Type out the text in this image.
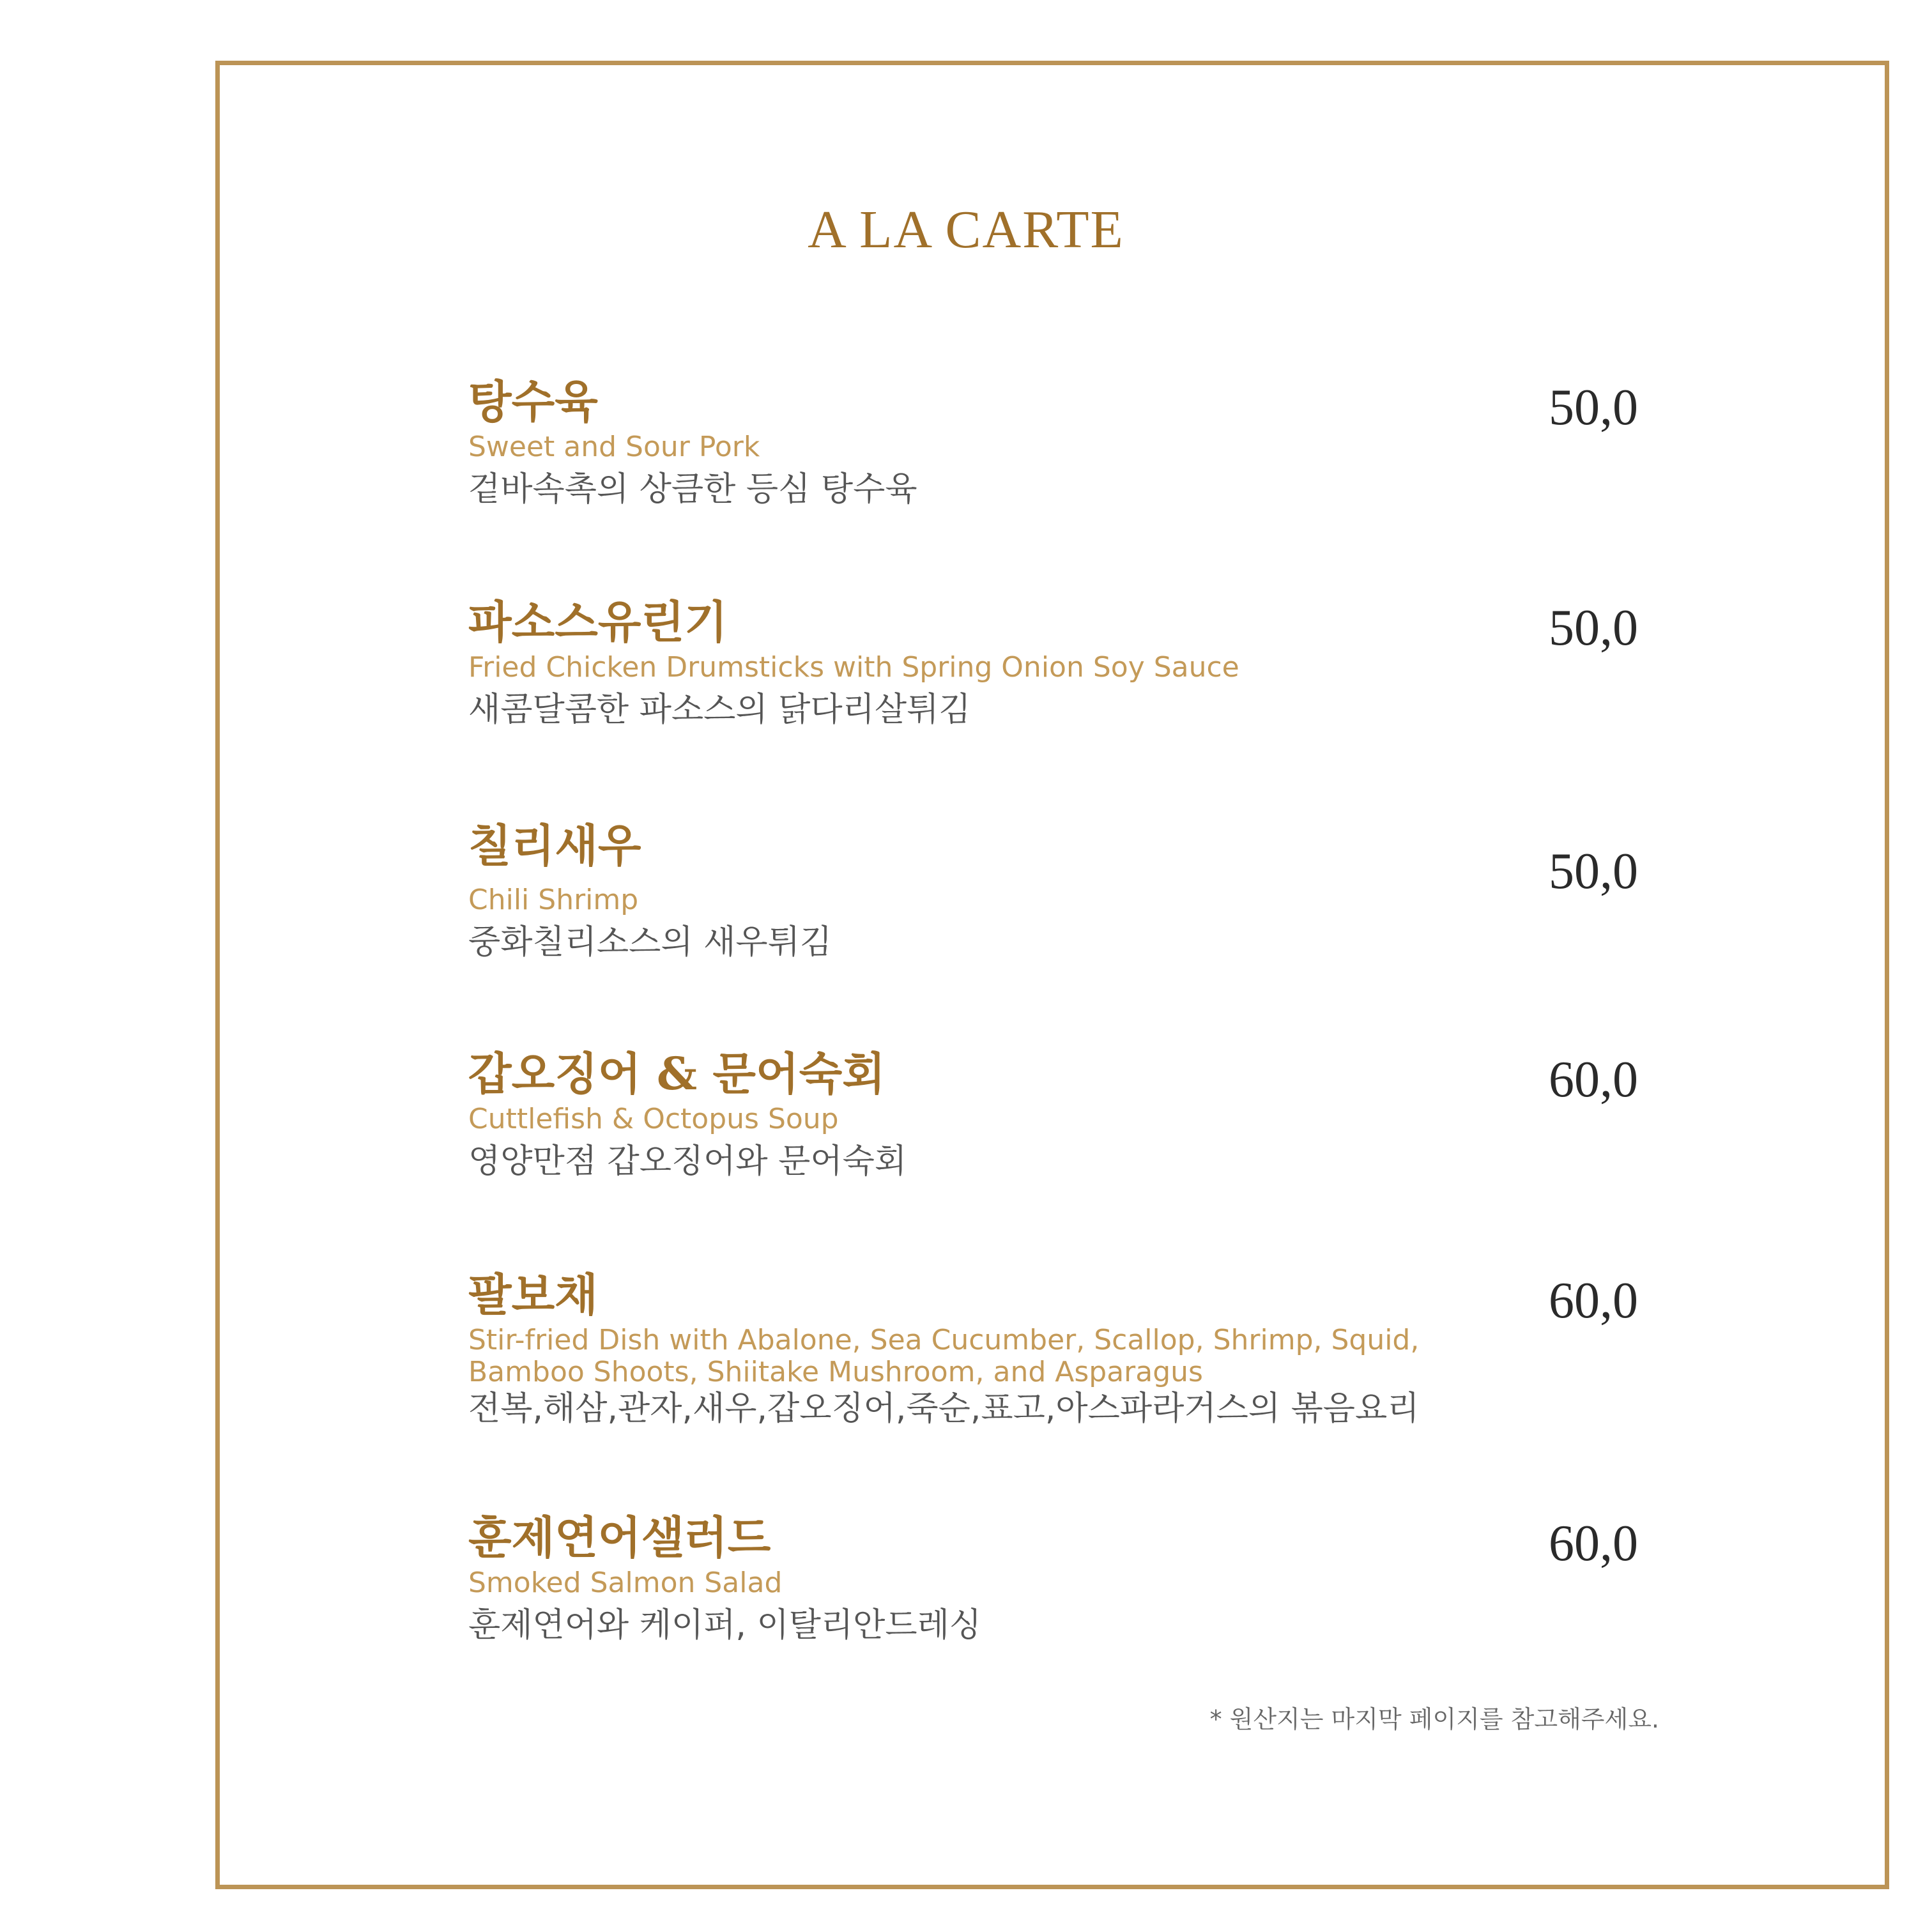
A LA CARTE
탕수육
Sweet and Sour Pork
겉바속촉의 상큼한 등심 탕수육
50,0
파소스유린기
Fried Chicken Drumsticks with Spring Onion Soy Sauce
새콤달콤한 파소스의 닭다리살튀김
50,0
칠리새우
Chili Shrimp
중화칠리소스의 새우튀김
50,0
갑오징어 & 문어숙회
Cuttlefish & Octopus Soup
영양만점 갑오징어와 문어숙회
60,0
팔보채
Stir-fried Dish with Abalone, Sea Cucumber, Scallop, Shrimp, Squid,
Bamboo Shoots, Shiitake Mushroom, and Asparagus
전복,해삼,관자,새우,갑오징어,죽순,표고,아스파라거스의 볶음요리
60,0
훈제연어샐러드
Smoked Salmon Salad
훈제연어와 케이퍼, 이탈리안드레싱
60,0
* 원산지는 마지막 페이지를 참고해주세요.
